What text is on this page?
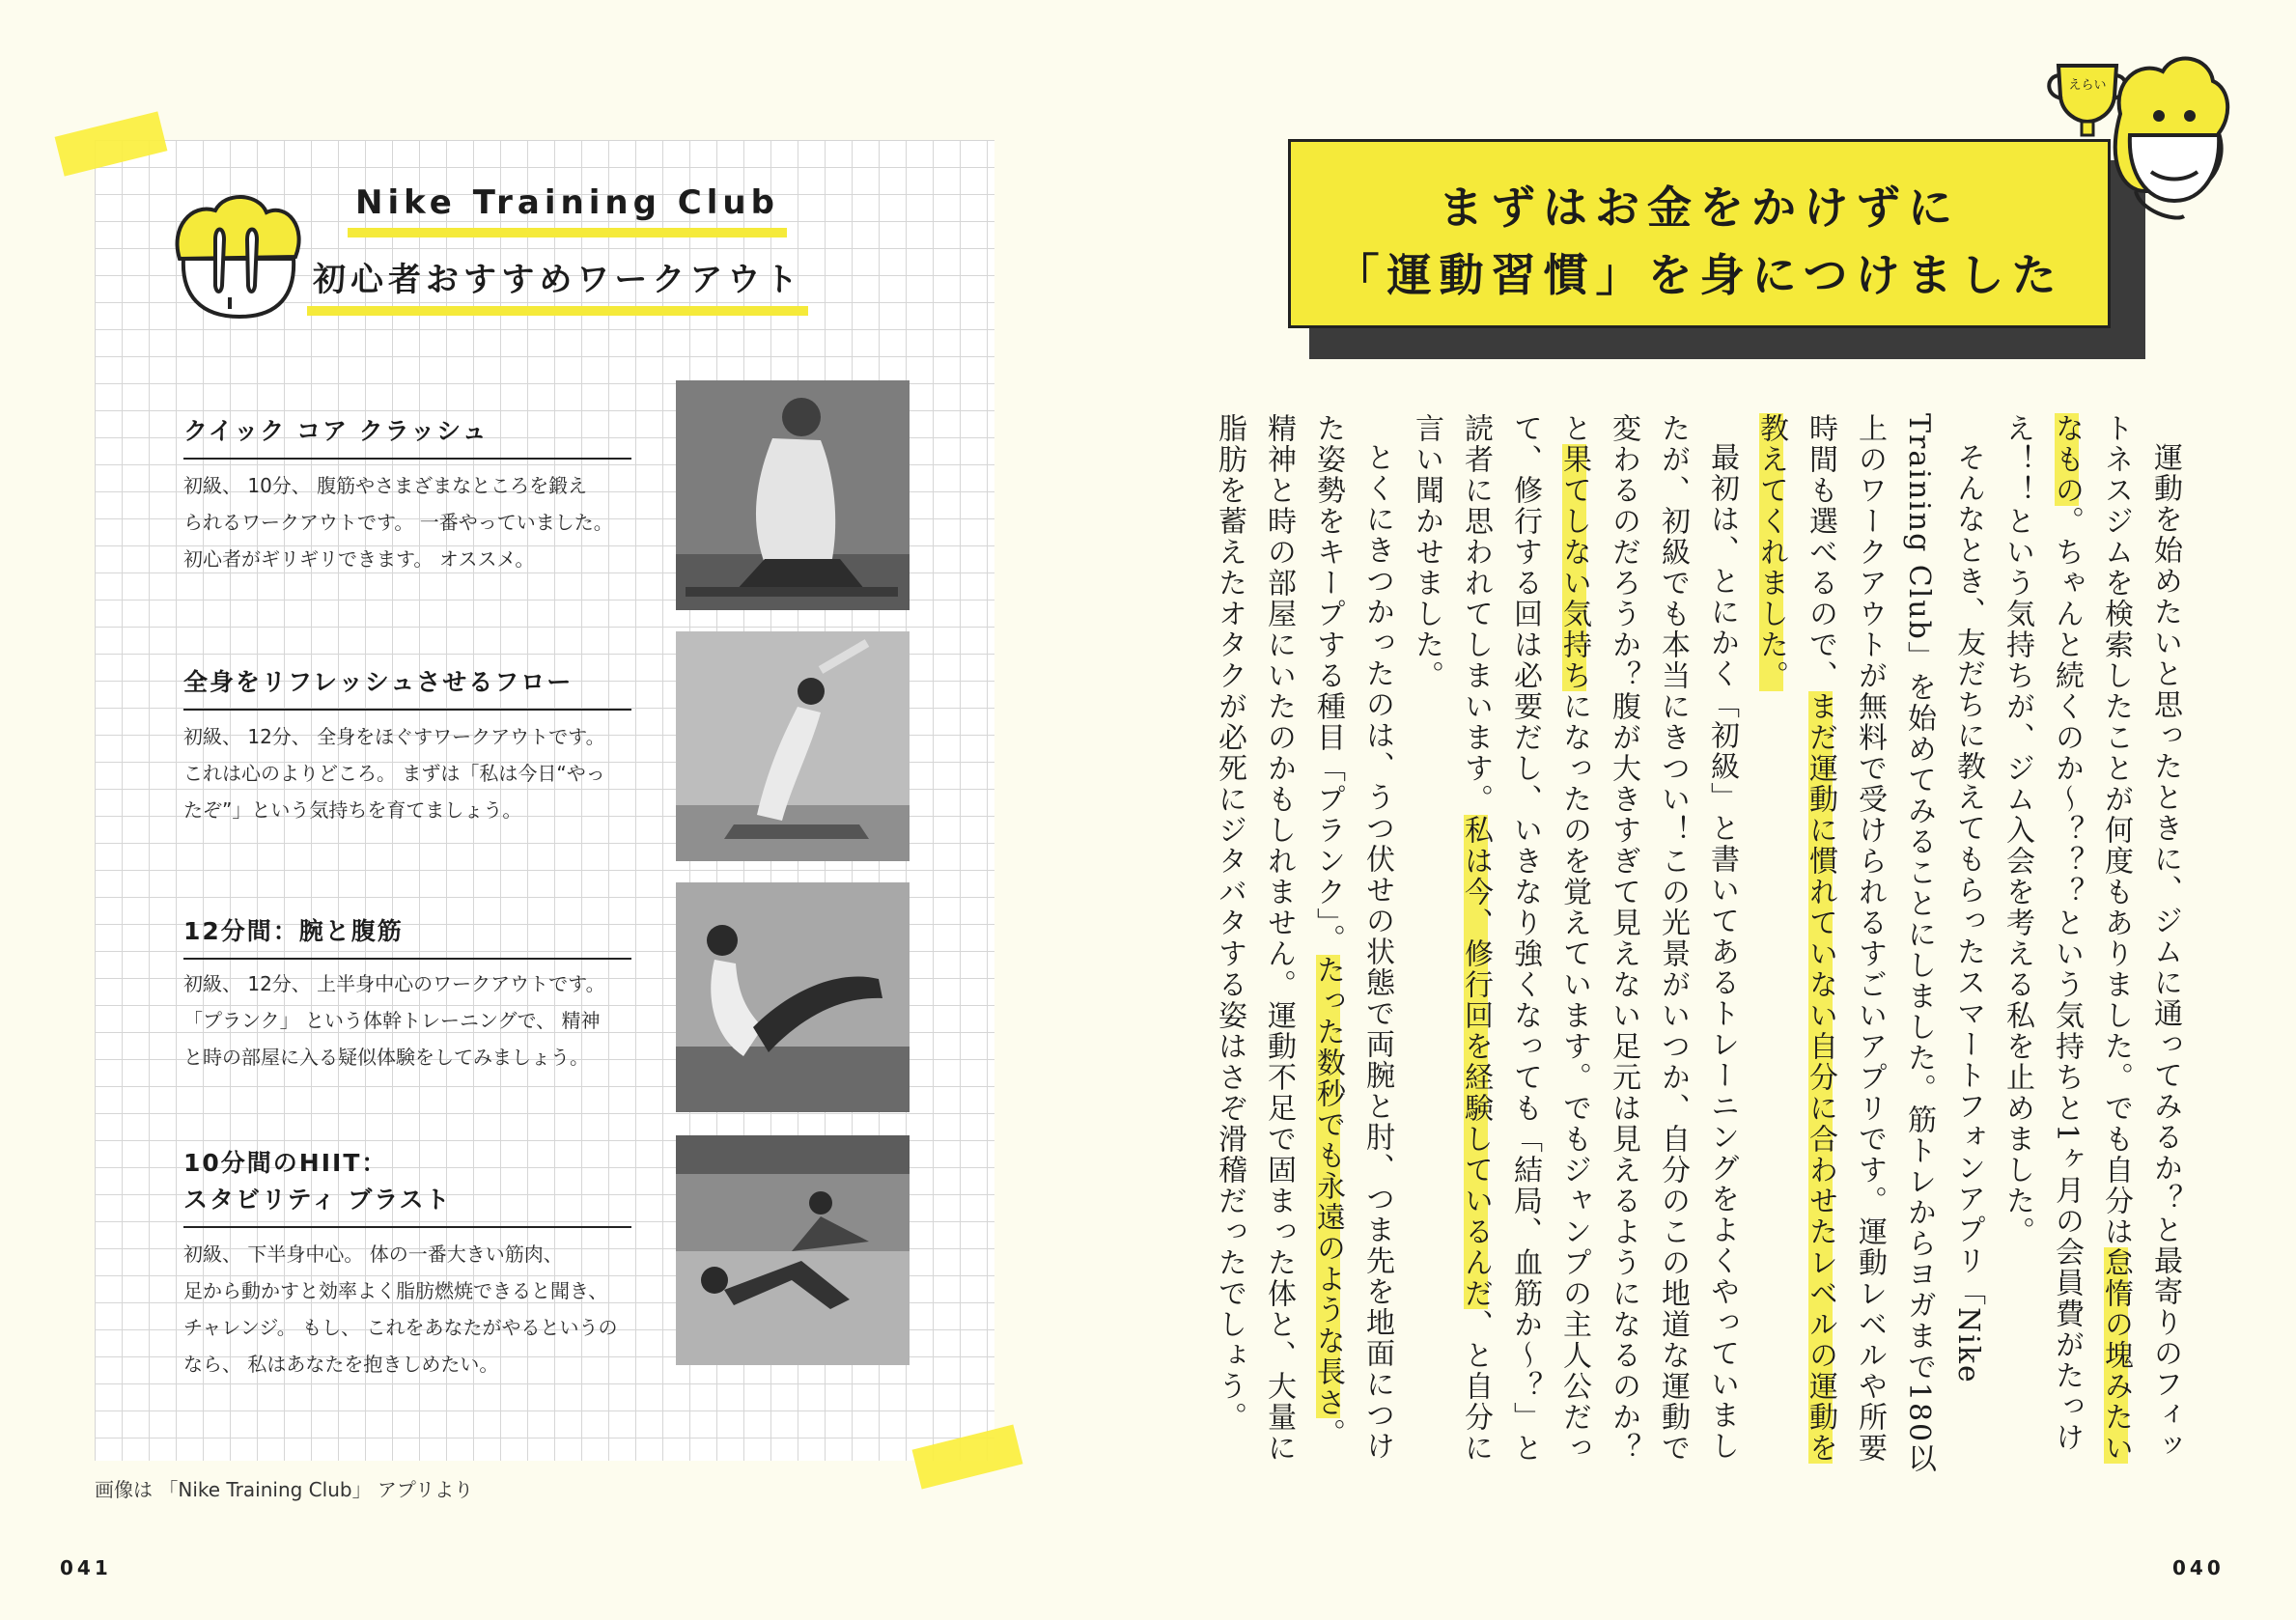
Nike Training Club
初心者おすすめワークアウト
クイック コア クラッシュ
初級、 10分、 腹筋やさまざまなところを鍛え
られるワークアウトです。 一番やっていました。
初心者がギリギリできます。 オススメ。
全身をリフレッシュさせるフロー
初級、 12分、 全身をほぐすワークアウトです。
これは心のよりどころ。 まずは「私は今日“やっ
たぞ”」という気持ちを育てましょう。
12分間：腕と腹筋
初級、 12分、 上半身中心のワークアウトです。
「プランク」 という体幹トレーニングで、 精神
と時の部屋に入る疑似体験をしてみましょう。
10分間のHIIT：
スタビリティ ブラスト
初級、 下半身中心。 体の一番大きい筋肉、
足から動かすと効率よく脂肪燃焼できると聞き、
チャレンジ。 もし、 これをあなたがやるというの
なら、 私はあなたを抱きしめたい。
画像は 「Nike Training Club」 アプリより
041
まずはお金をかけずに
「運動習慣」を身につけました
えらい

運動を始めたいと思ったときに、ジムに通ってみるか？と最寄りのフィットネスジムを検索したことが何度もありました。でも自分は怠惰の塊みたいなもの。ちゃんと続くのか〜？？？という気持ちと1ヶ月の会員費がたっけえ！！という気持ちが、ジム入会を考える私を止めました。

そんなとき、友だちに教えてもらったスマートフォンアプリ「Nike Training Club」を始めてみることにしました。筋トレからヨガまで180以上のワークアウトが無料で受けられるすごいアプリです。運動レベルや所要時間も選べるので、まだ運動に慣れていない自分に合わせたレベルの運動を教えてくれました。

最初は、とにかく「初級」と書いてあるトレーニングをよくやっていましたが、初級でも本当にきつい！この光景がいつか、自分のこの地道な運動で変わるのだろうか？腹が大きすぎて見えない足元は見えるようになるのか？と果てしない気持ちになったのを覚えています。でもジャンプの主人公だって、修行する回は必要だし、いきなり強くなっても「結局、血筋か〜？」と読者に思われてしまいます。私は今、修行回を経験しているんだ、と自分に言い聞かせました。

とくにきつかったのは、うつ伏せの状態で両腕と肘、つま先を地面につけた姿勢をキープする種目「プランク」。たった数秒でも永遠のような長さ。精神と時の部屋にいたのかもしれません。運動不足で固まった体と、大量に脂肪を蓄えたオタクが必死にジタバタする姿はさぞ滑稽だったでしょう。

040
